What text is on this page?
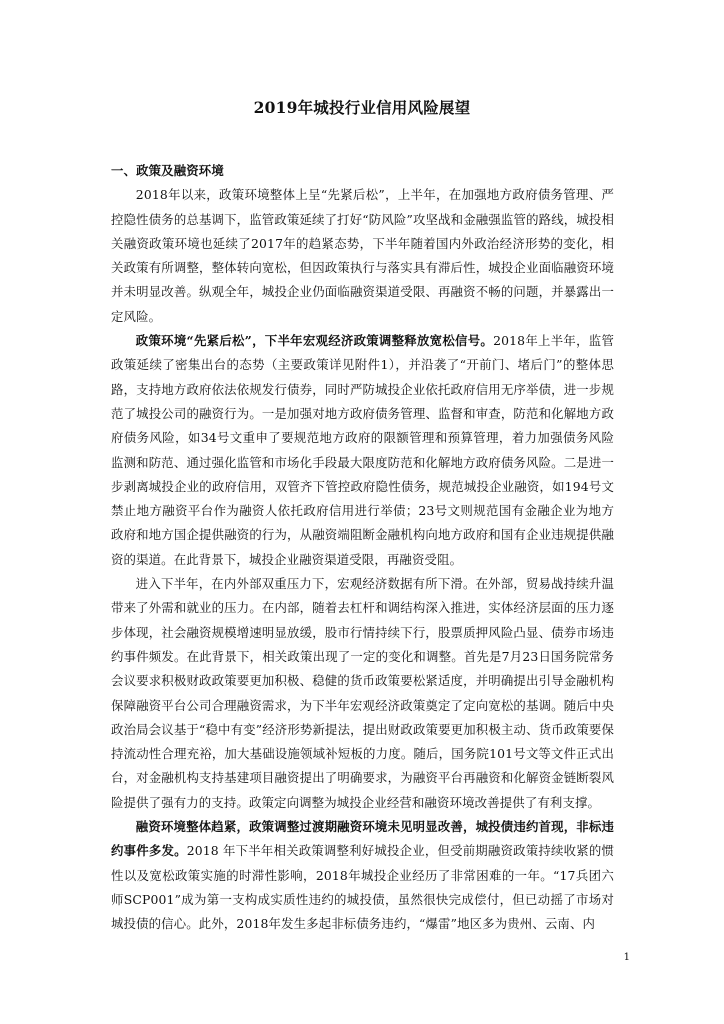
2019年城投行业信用风险展望

一、政策及融资环境

2018年以来，政策环境整体上呈“先紧后松”，上半年，在加强地方政府债务管理、严控隐性债务的总基调下，监管政策延续了打好“防风险”攻坚战和金融强监管的路线，城投相关融资政策环境也延续了2017年的趋紧态势，下半年随着国内外政治经济形势的变化，相关政策有所调整，整体转向宽松，但因政策执行与落实具有滞后性，城投企业面临融资环境并未明显改善。纵观全年，城投企业仍面临融资渠道受限、再融资不畅的问题，并暴露出一定风险。

政策环境“先紧后松”，下半年宏观经济政策调整释放宽松信号。2018年上半年，监管政策延续了密集出台的态势（主要政策详见附件1），并沿袭了“开前门、堵后门”的整体思路，支持地方政府依法依规发行债券，同时严防城投企业依托政府信用无序举债，进一步规范了城投公司的融资行为。一是加强对地方政府债务管理、监督和审查，防范和化解地方政府债务风险，如34号文重申了要规范地方政府的限额管理和预算管理，着力加强债务风险监测和防范、通过强化监管和市场化手段最大限度防范和化解地方政府债务风险。二是进一步剥离城投企业的政府信用，双管齐下管控政府隐性债务，规范城投企业融资，如194号文禁止地方融资平台作为融资人依托政府信用进行举债；23号文则规范国有金融企业为地方政府和地方国企提供融资的行为，从融资端阻断金融机构向地方政府和国有企业违规提供融资的渠道。在此背景下，城投企业融资渠道受限，再融资受阻。

进入下半年，在内外部双重压力下，宏观经济数据有所下滑。在外部，贸易战持续升温带来了外需和就业的压力。在内部，随着去杠杆和调结构深入推进，实体经济层面的压力逐步体现，社会融资规模增速明显放缓，股市行情持续下行，股票质押风险凸显、债券市场违约事件频发。在此背景下，相关政策出现了一定的变化和调整。首先是7月23日国务院常务会议要求积极财政政策要更加积极、稳健的货币政策要松紧适度，并明确提出引导金融机构保障融资平台公司合理融资需求，为下半年宏观经济政策奠定了定向宽松的基调。随后中央政治局会议基于“稳中有变”经济形势新提法，提出财政政策要更加积极主动、货币政策要保持流动性合理充裕，加大基础设施领域补短板的力度。随后，国务院101号文等文件正式出台，对金融机构支持基建项目融资提出了明确要求，为融资平台再融资和化解资金链断裂风险提供了强有力的支持。政策定向调整为城投企业经营和融资环境改善提供了有利支撑。

融资环境整体趋紧，政策调整过渡期融资环境未见明显改善，城投债违约首现，非标违约事件多发。2018 年下半年相关政策调整利好城投企业，但受前期融资政策持续收紧的惯性以及宽松政策实施的时滞性影响，2018年城投企业经历了非常困难的一年。“17兵团六师SCP001”成为第一支构成实质性违约的城投债，虽然很快完成偿付，但已动摇了市场对城投债的信心。此外，2018年发生多起非标债务违约，“爆雷”地区多为贵州、云南、内

1
